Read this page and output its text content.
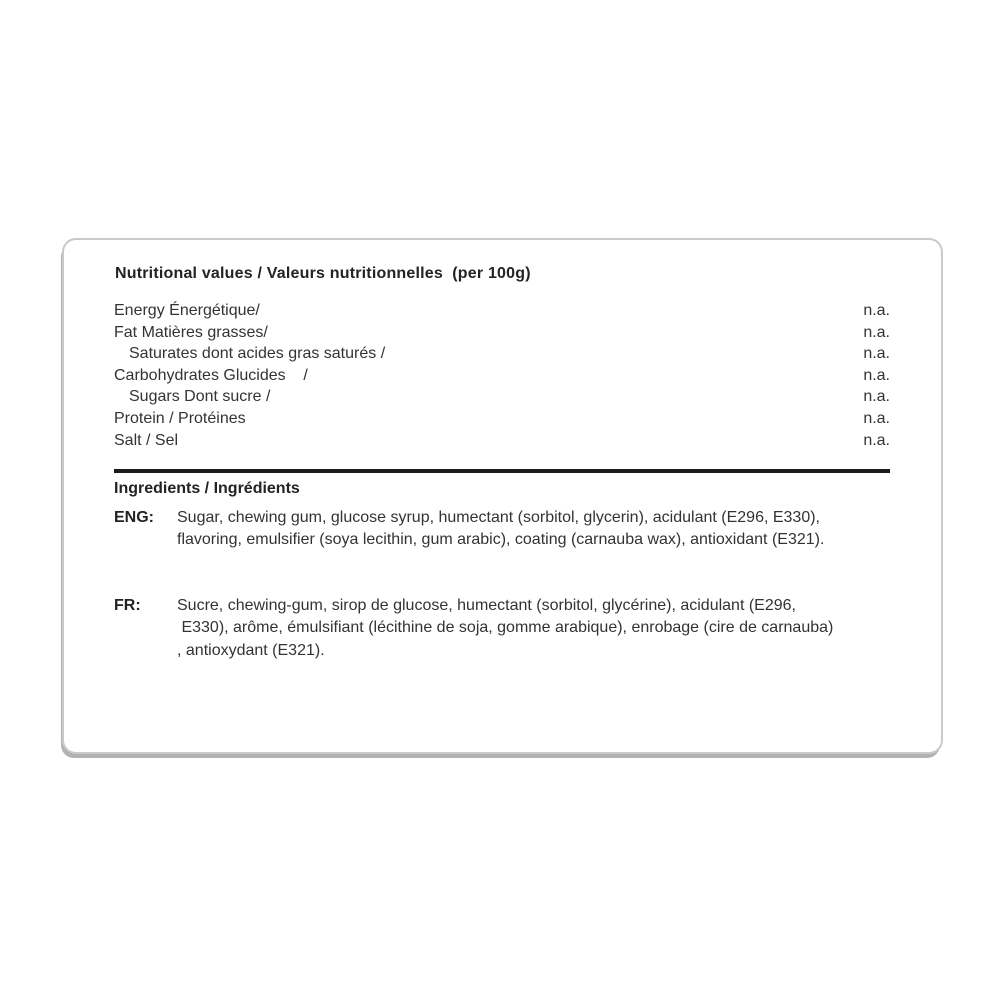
Nutritional values / Valeurs nutritionnelles  (per 100g)
Energy Énergétique/	n.a.
Fat Matières grasses/	n.a.
Saturates dont acides gras saturés /	n.a.
Carbohydrates Glucides    /	n.a.
Sugars Dont sucre /	n.a.
Protein / Protéines	n.a.
Salt / Sel	n.a.
Ingredients / Ingrédients
ENG:	Sugar, chewing gum, glucose syrup, humectant (sorbitol, glycerin), acidulant (E296, E330),
flavoring, emulsifier (soya lecithin, gum arabic), coating (carnauba wax), antioxidant (E321).
FR:	Sucre, chewing-gum, sirop de glucose, humectant (sorbitol, glycérine), acidulant (E296,
E330), arôme, émulsifiant (lécithine de soja, gomme arabique), enrobage (cire de carnauba)
, antioxydant (E321).
